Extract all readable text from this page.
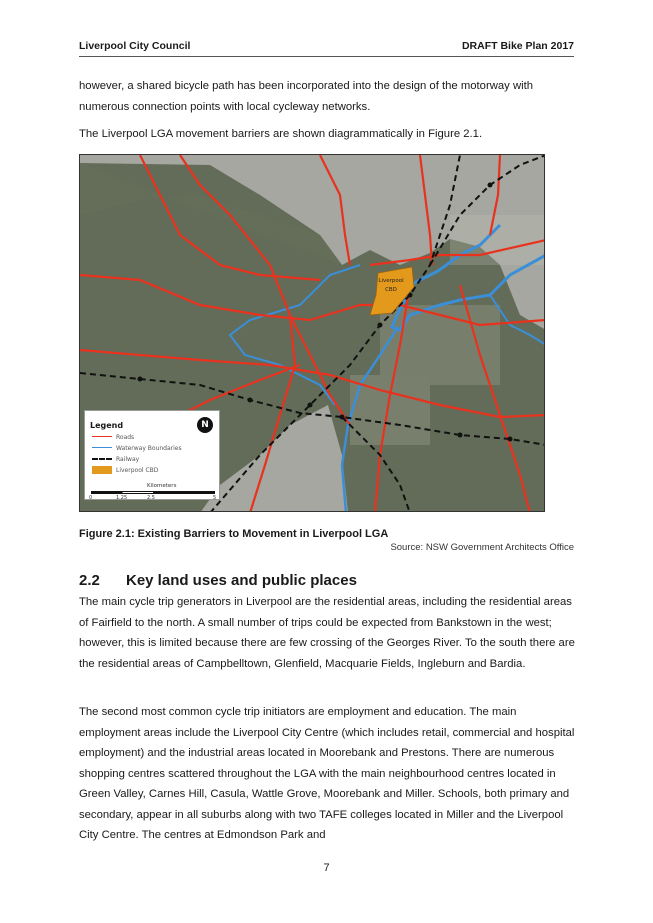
Liverpool City Council	DRAFT Bike Plan 2017

however, a shared bicycle path has been incorporated into the design of the motorway with numerous connection points with local cycleway networks.

The Liverpool LGA movement barriers are shown diagrammatically in Figure 2.1.

Liverpool
CBD
Legend	N
Roads
Waterway Boundaries
Railway
Liverpool CBD
Kilometers
0	1.25	2.5	5
Figure 2.1: Existing Barriers to Movement in Liverpool LGA
Source: NSW Government Architects Office
2.2 Key land uses and public places

The main cycle trip generators in Liverpool are the residential areas, including the residential areas of Fairfield to the north. A small number of trips could be expected from Bankstown in the west; however, this is limited because there are few crossing of the Georges River. To the south there are the residential areas of Campbelltown, Glenfield, Macquarie Fields, Ingleburn and Bardia.

The second most common cycle trip initiators are employment and education. The main employment areas include the Liverpool City Centre (which includes retail, commercial and hospital employment) and the industrial areas located in Moorebank and Prestons. There are numerous shopping centres scattered throughout the LGA with the main neighbourhood centres located in Green Valley, Carnes Hill, Casula, Wattle Grove, Moorebank and Miller. Schools, both primary and secondary, appear in all suburbs along with two TAFE colleges located in Miller and the Liverpool City Centre. The centres at Edmondson Park and

7
